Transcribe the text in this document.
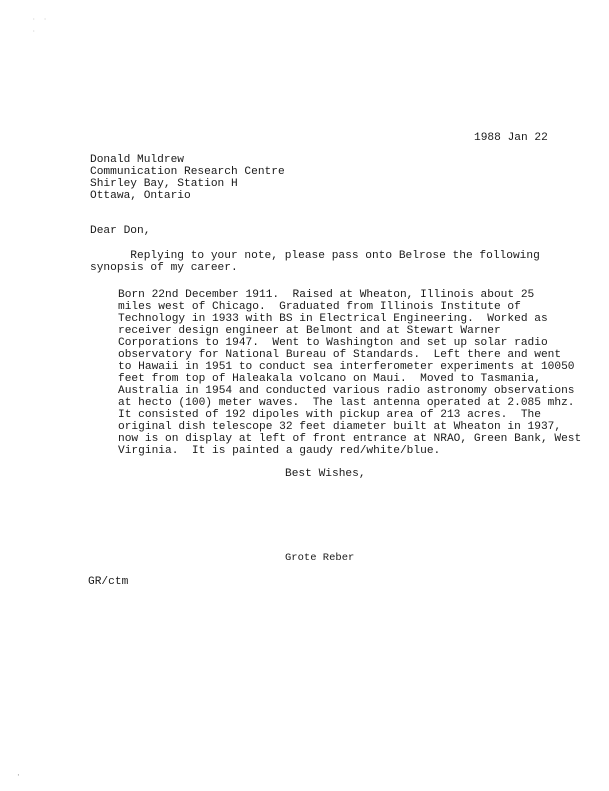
· · ·
1988 Jan 22
Donald Muldrew
Communication Research Centre
Shirley Bay, Station H
Ottawa, Ontario
Dear Don,
Replying to your note, please pass onto Belrose the following
synopsis of my career.
Born 22nd December 1911.  Raised at Wheaton, Illinois about 25
miles west of Chicago.  Graduated from Illinois Institute of
Technology in 1933 with BS in Electrical Engineering.  Worked as
receiver design engineer at Belmont and at Stewart Warner
Corporations to 1947.  Went to Washington and set up solar radio
observatory for National Bureau of Standards.  Left there and went
to Hawaii in 1951 to conduct sea interferometer experiments at 10050
feet from top of Haleakala volcano on Maui.  Moved to Tasmania,
Australia in 1954 and conducted various radio astronomy observations
at hecto (100) meter waves.  The last antenna operated at 2.085 mhz.
It consisted of 192 dipoles with pickup area of 213 acres.  The
original dish telescope 32 feet diameter built at Wheaton in 1937,
now is on display at left of front entrance at NRAO, Green Bank, West
Virginia.  It is painted a gaudy red/white/blue.
Best Wishes,
Grote Reber
GR/ctm
·
